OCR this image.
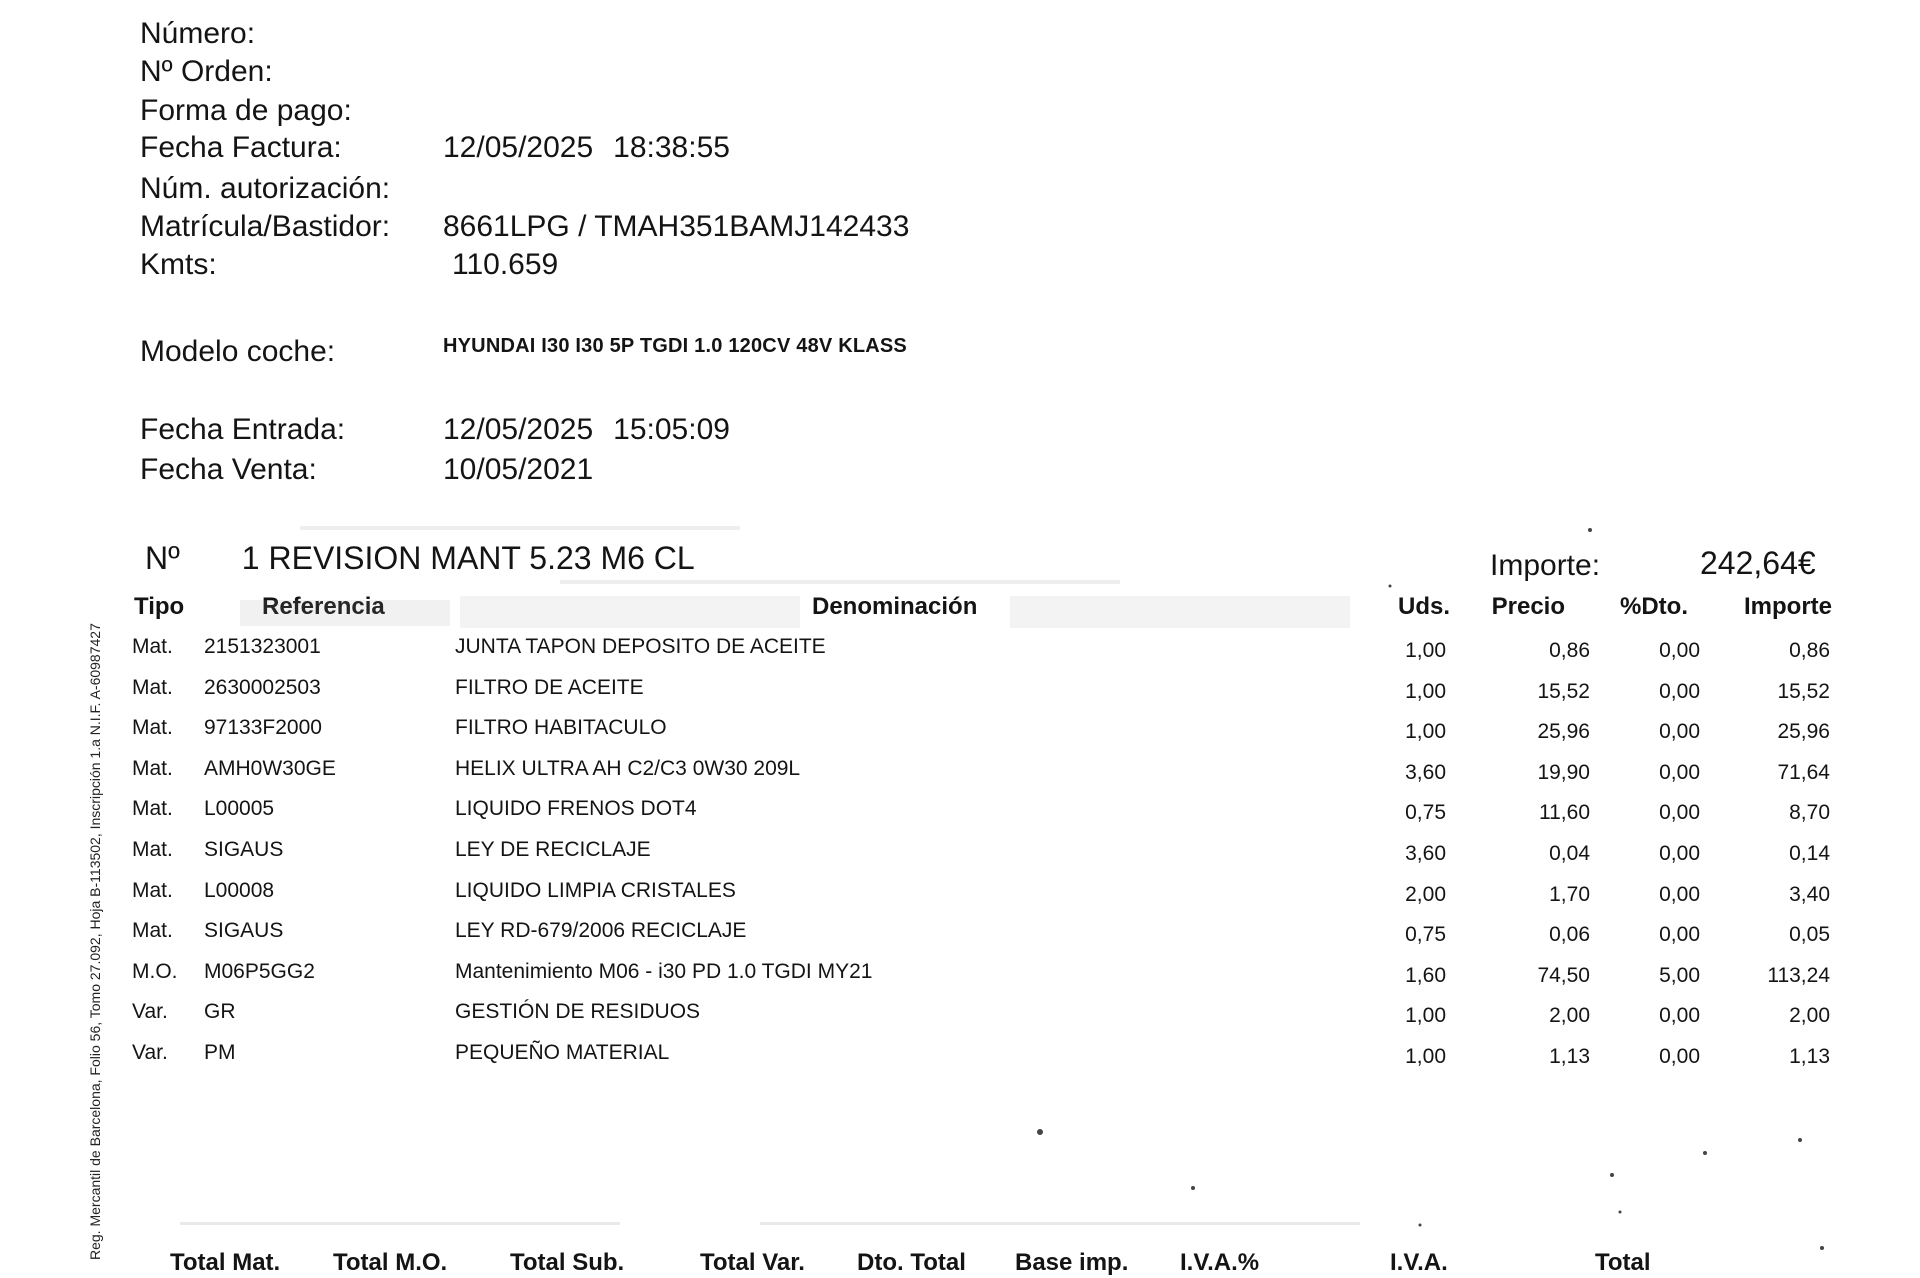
Número:
Nº Orden:
Forma de pago:
Fecha Factura:	12/05/2025 18:38:55
Núm. autorización:
Matrícula/Bastidor: 8661LPG / TMAH351BAMJ142433
Kmts:	110.659
Modelo coche:	HYUNDAI I30 I30 5P TGDI 1.0 120CV 48V KLASS
Fecha Entrada:	12/05/2025 15:05:09
Fecha Venta:	10/05/2021
Nº 1 REVISION MANT 5.23 M6 CL	Importe:	242,64€
Tipo	Referencia	Denominación	Uds.	Precio	%Dto.	Importe
Mat. 2151323001	JUNTA TAPON DEPOSITO DE ACEITE	1,00	0,86	0,00	0,86
Mat. 2630002503	FILTRO DE ACEITE	1,00	15,52	0,00	15,52
Mat. 97133F2000	FILTRO HABITACULO	1,00	25,96	0,00	25,96
Mat. AMH0W30GE	HELIX ULTRA AH C2/C3 0W30 209L	3,60	19,90	0,00	71,64
Mat. L00005	LIQUIDO FRENOS DOT4	0,75	11,60	0,00	8,70
Mat. SIGAUS	LEY DE RECICLAJE	3,60	0,04	0,00	0,14
Mat. L00008	LIQUIDO LIMPIA CRISTALES	2,00	1,70	0,00	3,40
Mat. SIGAUS	LEY RD-679/2006 RECICLAJE	0,75	0,06	0,00	0,05
M.O. M06P5GG2	Mantenimiento M06 - i30 PD 1.0 TGDI MY21	1,60	74,50	5,00	113,24
Var. GR	GESTIÓN DE RESIDUOS	1,00	2,00	0,00	2,00
Var. PM	PEQUEÑO MATERIAL	1,00	1,13	0,00	1,13
Reg. Mercantil de Barcelona, Folio 56, Tomo 27.092, Hoja B-113502, Inscripción 1.a N.I.F. A-60987427
Total Mat. Total M.O.	Total Sub.	Total Var. Dto. Total Base imp. I.V.A.%	I.V.A.	Total
